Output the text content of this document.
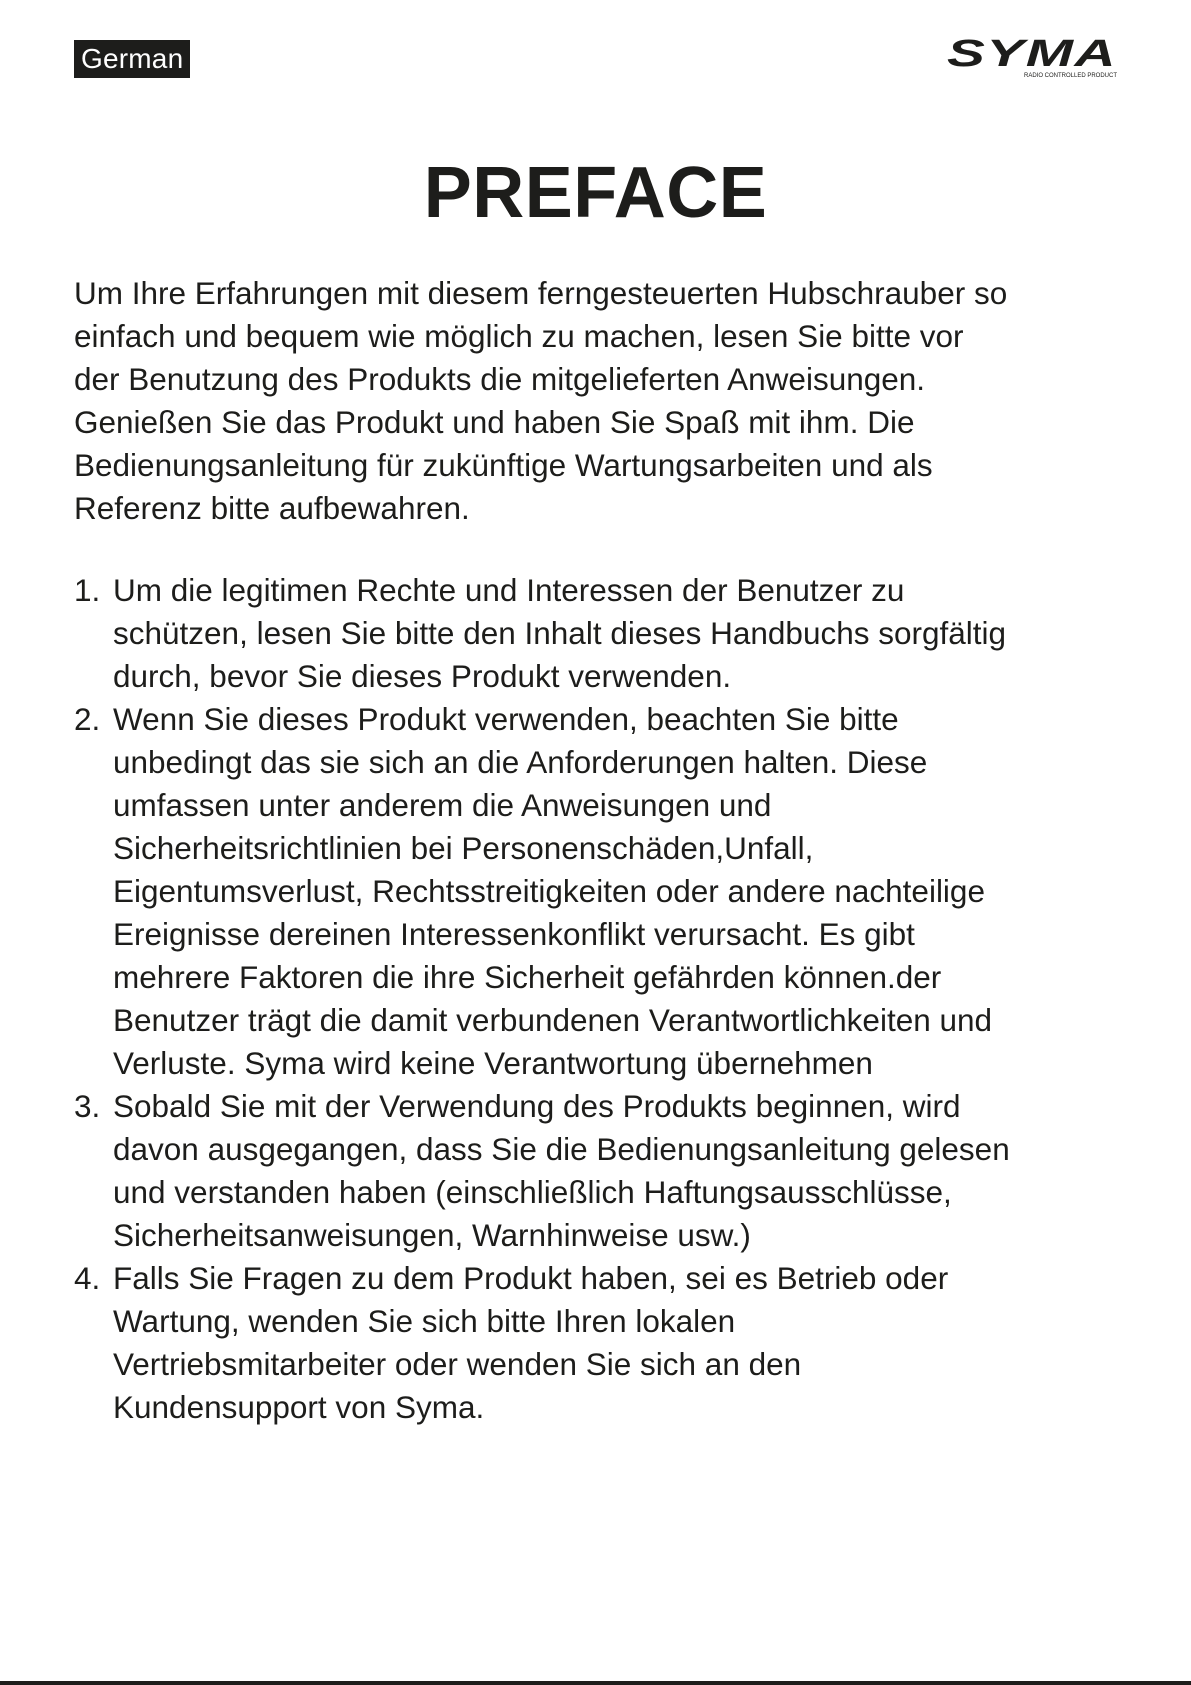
German	SYMA
RADIO CONTROLLED PRODUCT
PREFACE

Um Ihre Erfahrungen mit diesem ferngesteuerten Hubschrauber so
einfach und bequem wie möglich zu machen, lesen Sie bitte vor
der Benutzung des Produkts die mitgelieferten Anweisungen.
Genießen Sie das Produkt und haben Sie Spaß mit ihm. Die
Bedienungsanleitung für zukünftige Wartungsarbeiten und als
Referenz bitte aufbewahren.

1. Um die legitimen Rechte und Interessen der Benutzer zu
schützen, lesen Sie bitte den Inhalt dieses Handbuchs sorgfältig
durch, bevor Sie dieses Produkt verwenden.
2. Wenn Sie dieses Produkt verwenden, beachten Sie bitte
unbedingt das sie sich an die Anforderungen halten. Diese
umfassen unter anderem die Anweisungen und
Sicherheitsrichtlinien bei Personenschäden,Unfall,
Eigentumsverlust, Rechtsstreitigkeiten oder andere nachteilige
Ereignisse dereinen Interessenkonflikt verursacht. Es gibt
mehrere Faktoren die ihre Sicherheit gefährden können.der
Benutzer trägt die damit verbundenen Verantwortlichkeiten und
Verluste. Syma wird keine Verantwortung übernehmen
3. Sobald Sie mit der Verwendung des Produkts beginnen, wird
davon ausgegangen, dass Sie die Bedienungsanleitung gelesen
und verstanden haben (einschließlich Haftungsausschlüsse,
Sicherheitsanweisungen, Warnhinweise usw.)
4. Falls Sie Fragen zu dem Produkt haben, sei es Betrieb oder
Wartung, wenden Sie sich bitte Ihren lokalen
Vertriebsmitarbeiter oder wenden Sie sich an den
Kundensupport von Syma.
